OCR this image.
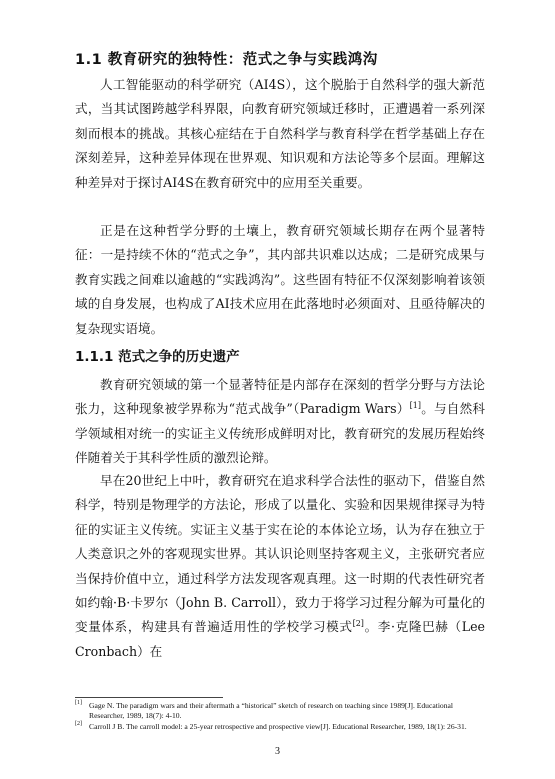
1.1 教育研究的独特性：范式之争与实践鸿沟

人工智能驱动的科学研究（AI4S），这个脱胎于自然科学的强大新范式，当其试图跨越学科界限，向教育研究领域迁移时，正遭遇着一系列深刻而根本的挑战。其核心症结在于自然科学与教育科学在哲学基础上存在深刻差异，这种差异体现在世界观、知识观和方法论等多个层面。理解这种差异对于探讨AI4S在教育研究中的应用至关重要。

正是在这种哲学分野的土壤上，教育研究领域长期存在两个显著特征：一是持续不休的“范式之争”，其内部共识难以达成；二是研究成果与教育实践之间难以逾越的“实践鸿沟”。这些固有特征不仅深刻影响着该领域的自身发展，也构成了AI技术应用在此落地时必须面对、且亟待解决的复杂现实语境。

1.1.1 范式之争的历史遗产

教育研究领域的第一个显著特征是内部存在深刻的哲学分野与方法论张力，这种现象被学界称为“范式战争”（Paradigm Wars）[1]。与自然科学领域相对统一的实证主义传统形成鲜明对比，教育研究的发展历程始终伴随着关于其科学性质的激烈论辩。

早在20世纪上中叶，教育研究在追求科学合法性的驱动下，借鉴自然科学，特别是物理学的方法论，形成了以量化、实验和因果规律探寻为特征的实证主义传统。实证主义基于实在论的本体论立场，认为存在独立于人类意识之外的客观现实世界。其认识论则坚持客观主义，主张研究者应当保持价值中立，通过科学方法发现客观真理。这一时期的代表性研究者如约翰·B·卡罗尔（John B. Carroll），致力于将学习过程分解为可量化的变量体系，构建具有普遍适用性的学校学习模式[2]。李·克隆巴赫（Lee Cronbach）在

[1] Gage N. The paradigm wars and their aftermath a “historical” sketch of research on teaching since 1989[J]. Educational Researcher, 1989, 18(7): 4-10.
[2] Carroll J B. The carroll model: a 25-year retrospective and prospective view[J]. Educational Researcher, 1989, 18(1): 26-31.
3
